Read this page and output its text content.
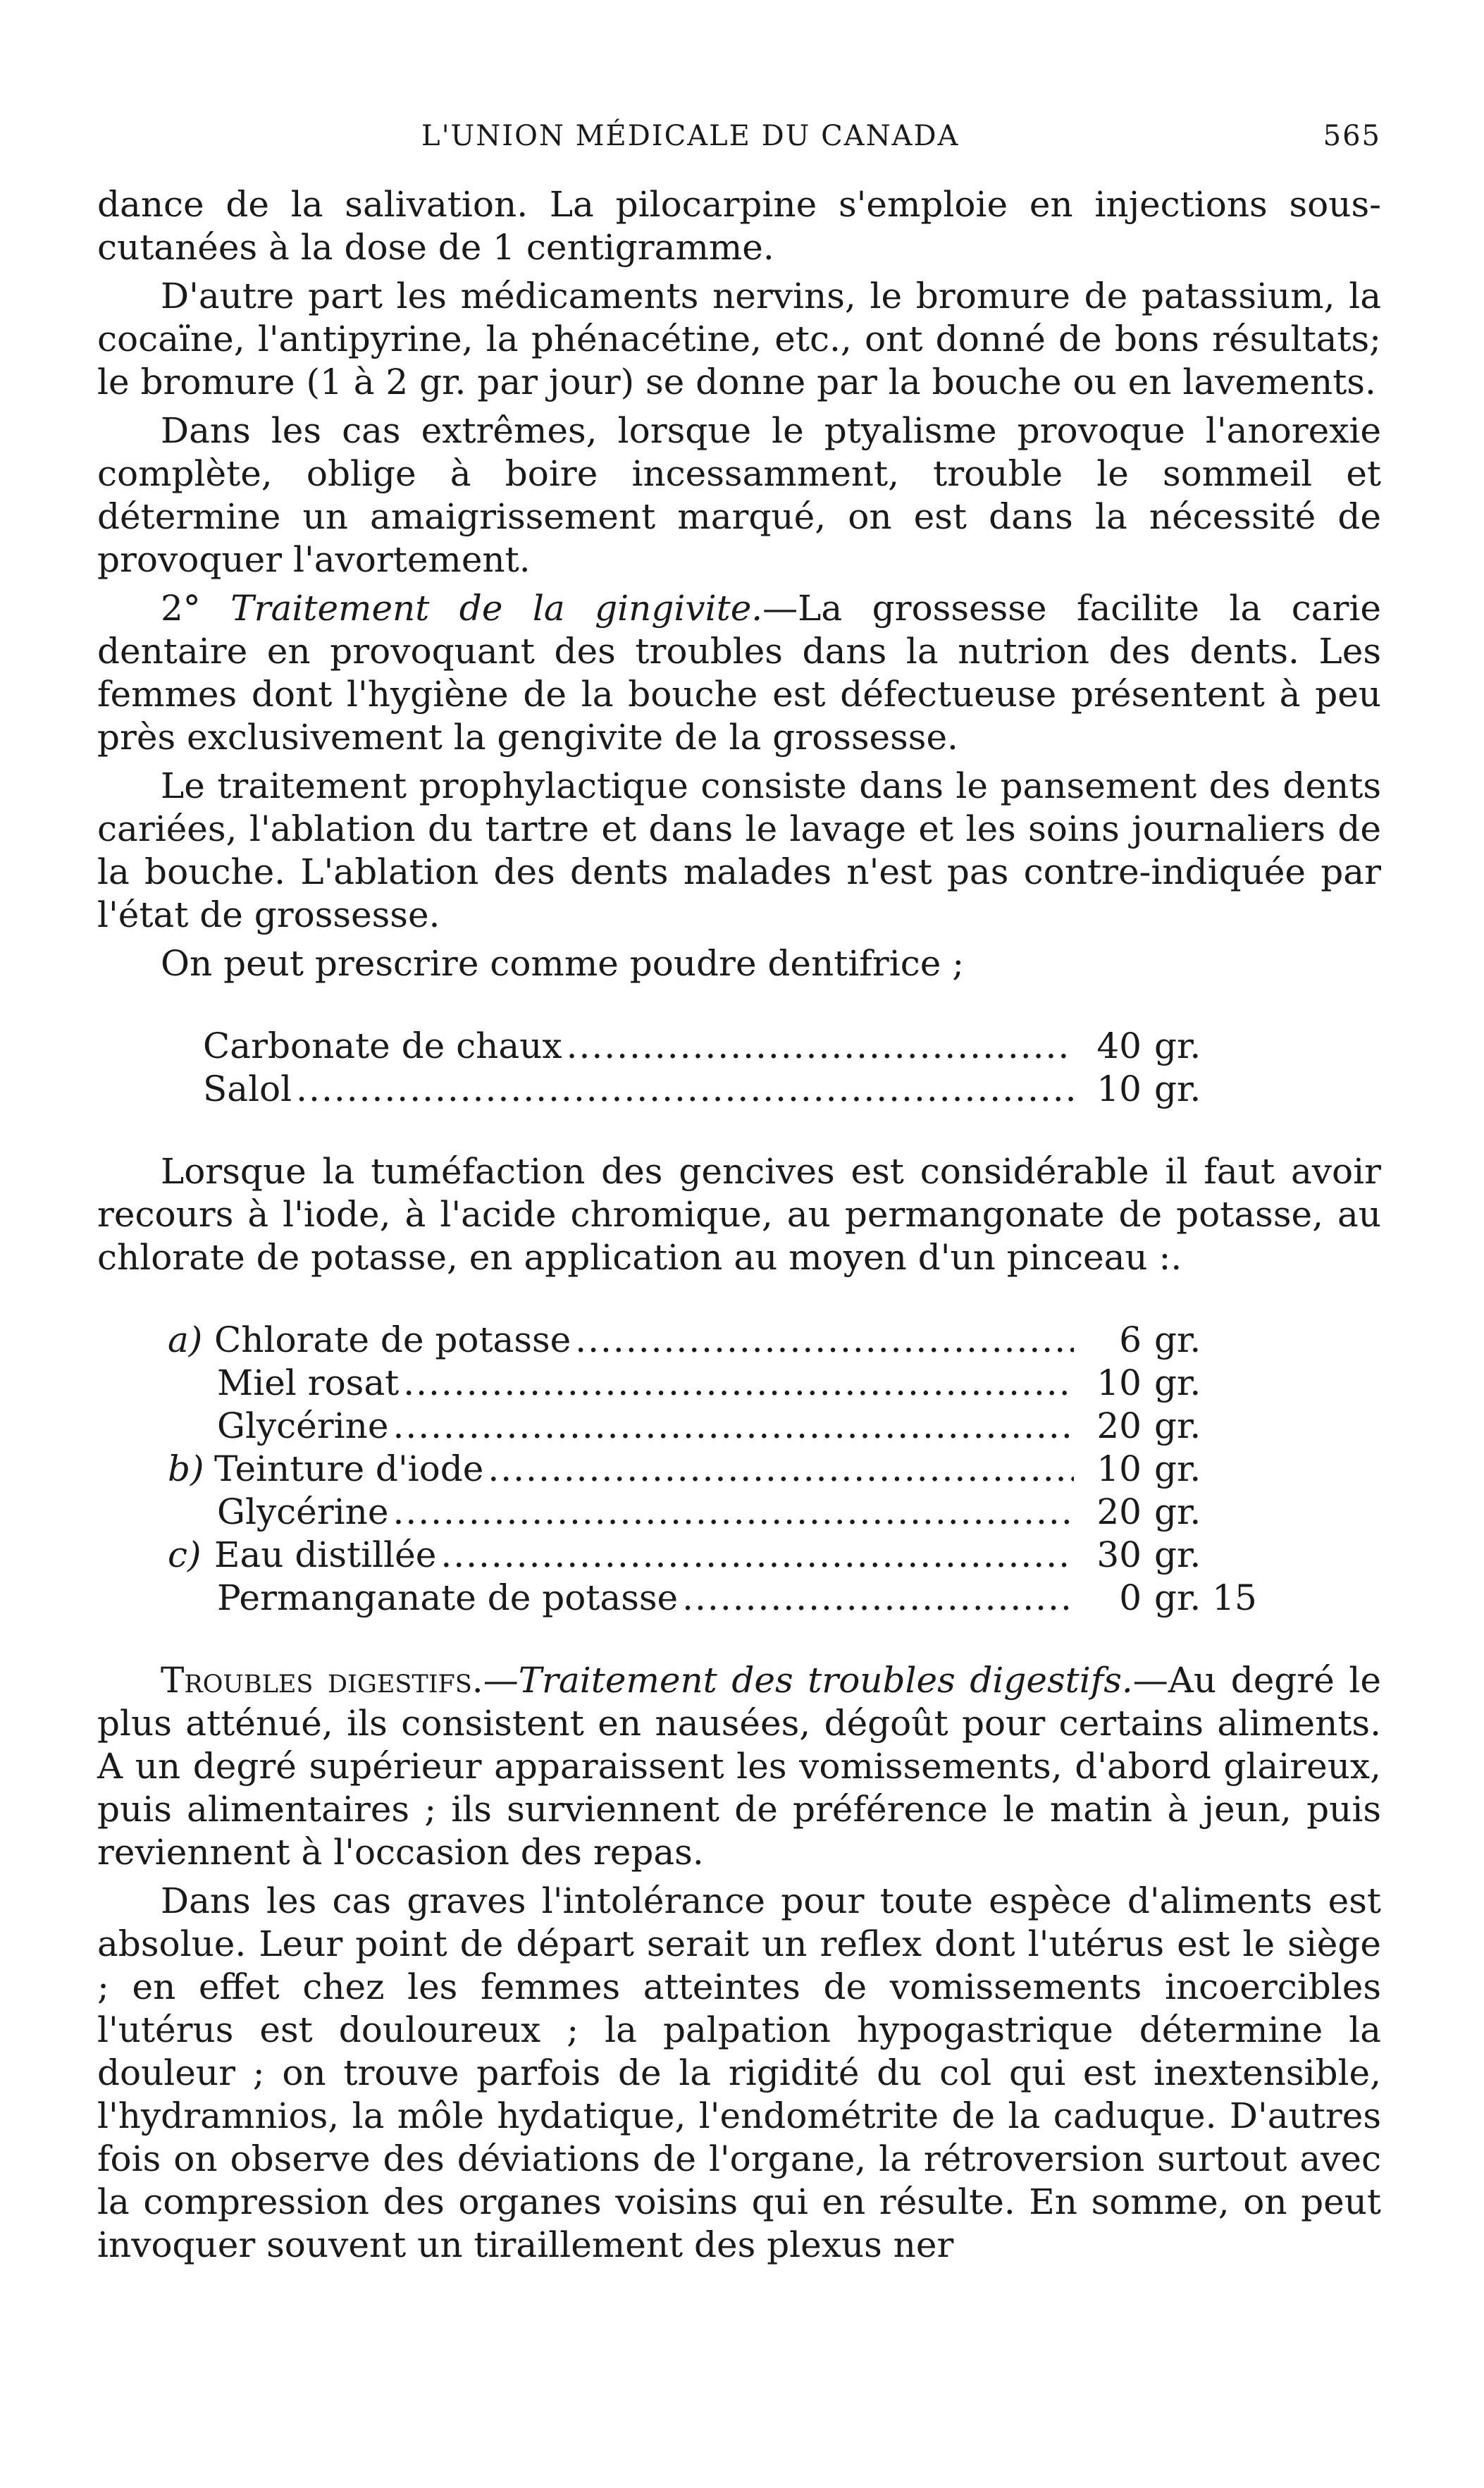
L'UNION MÉDICALE DU CANADA	565

dance de la salivation. La pilocarpine s'emploie en injections sous-cutanées à la dose de 1 centigramme.

D'autre part les médicaments nervins, le bromure de patassium, la cocaïne, l'antipyrine, la phénacétine, etc., ont donné de bons résultats; le bromure (1 à 2 gr. par jour) se donne par la bouche ou en lavements.

Dans les cas extrêmes, lorsque le ptyalisme provoque l'anorexie complète, oblige à boire incessamment, trouble le sommeil et détermine un amaigrissement marqué, on est dans la nécessité de provoquer l'avortement.

2° Traitement de la gingivite.—La grossesse facilite la carie dentaire en provoquant des troubles dans la nutrion des dents. Les femmes dont l'hygiène de la bouche est défectueuse présentent à peu près exclusivement la gengivite de la grossesse.

Le traitement prophylactique consiste dans le pansement des dents cariées, l'ablation du tartre et dans le lavage et les soins journaliers de la bouche. L'ablation des dents malades n'est pas contre-indiquée par l'état de grossesse.

On peut prescrire comme poudre dentifrice ;

Carbonate de chaux .....	40 gr.
Salol .....	10 gr.

Lorsque la tuméfaction des gencives est considérable il faut avoir recours à l'iode, à l'acide chromique, au permangonate de potasse, au chlorate de potasse, en application au moyen d'un pinceau :.

a) Chlorate de potasse .....	6 gr.
Miel rosat .....	10 gr.
Glycérine .....	20 gr.
b) Teinture d'iode .....	10 gr.
Glycérine .....	20 gr.
c) Eau distillée .....	30 gr.
Permanganate de potasse .....	0 gr. 15

Troubles digestifs.—Traitement des troubles digestifs.—Au degré le plus atténué, ils consistent en nausées, dégoût pour certains aliments. A un degré supérieur apparaissent les vomissements, d'abord glaireux, puis alimentaires ; ils surviennent de préférence le matin à jeun, puis reviennent à l'occasion des repas.

Dans les cas graves l'intolérance pour toute espèce d'aliments est absolue. Leur point de départ serait un reflex dont l'utérus est le siège ; en effet chez les femmes atteintes de vomissements incoercibles l'utérus est douloureux ; la palpation hypogastrique détermine la douleur ; on trouve parfois de la rigidité du col qui est inextensible, l'hydramnios, la môle hydatique, l'endométrite de la caduque. D'autres fois on observe des déviations de l'organe, la rétroversion surtout avec la compression des organes voisins qui en résulte. En somme, on peut invoquer souvent un tiraillement des plexus ner
